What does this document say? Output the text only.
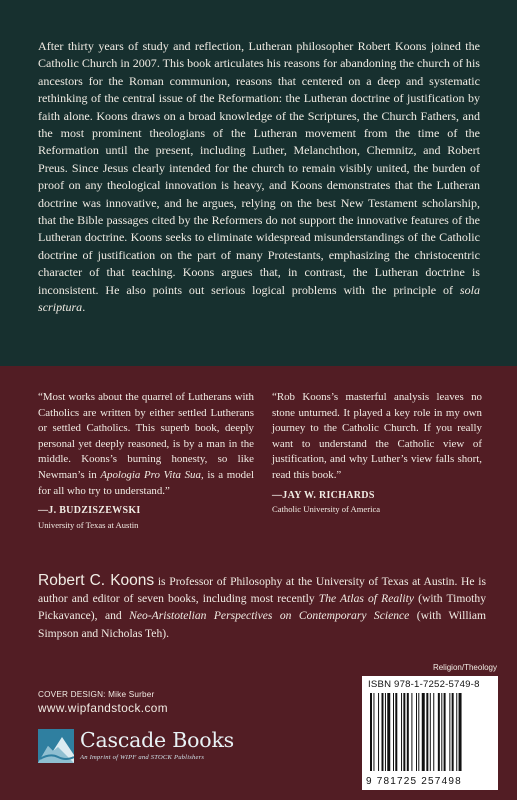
After thirty years of study and reflection, Lutheran philosopher Robert Koons joined the Catholic Church in 2007. This book articulates his reasons for abandoning the church of his ancestors for the Roman communion, reasons that centered on a deep and systematic rethinking of the central issue of the Reformation: the Lutheran doctrine of justification by faith alone. Koons draws on a broad knowledge of the Scriptures, the Church Fathers, and the most prominent theologians of the Lutheran movement from the time of the Reformation until the present, including Luther, Melanchthon, Chemnitz, and Robert Preus. Since Jesus clearly intended for the church to remain visibly united, the burden of proof on any theological innovation is heavy, and Koons demonstrates that the Lutheran doctrine was innovative, and he argues, relying on the best New Testament scholarship, that the Bible passages cited by the Reformers do not support the innovative features of the Lutheran doctrine. Koons seeks to eliminate widespread misunderstandings of the Catholic doctrine of justification on the part of many Protestants, emphasizing the christocentric character of that teaching. Koons argues that, in contrast, the Lutheran doctrine is inconsistent. He also points out serious logical problems with the principle of sola scriptura.

“Most works about the quarrel of Lutherans with Catholics are written by either settled Lutherans or settled Catholics. This superb book, deeply personal yet deeply reasoned, is by a man in the middle. Koons’s burning honesty, so like Newman’s in Apologia Pro Vita Sua, is a model for all who try to understand.”
—J. BUDZISZEWSKI
University of Texas at Austin
“Rob Koons’s masterful analysis leaves no stone unturned. It played a key role in my own journey to the Catholic Church. If you really want to understand the Catholic view of justification, and why Luther’s view falls short, read this book.”
—JAY W. RICHARDS
Catholic University of America
Robert C. Koons is Professor of Philosophy at the University of Texas at Austin. He is author and editor of seven books, including most recently The Atlas of Reality (with Timothy Pickavance), and Neo-Aristotelian Perspectives on Contemporary Science (with William Simpson and Nicholas Teh).
Religion/Theology
ISBN 978-1-7252-5749-8
9 781725 257498
COVER DESIGN: Mike Surber
www.wipfandstock.com
Cascade Books
An Imprint of WIPF and STOCK Publishers
